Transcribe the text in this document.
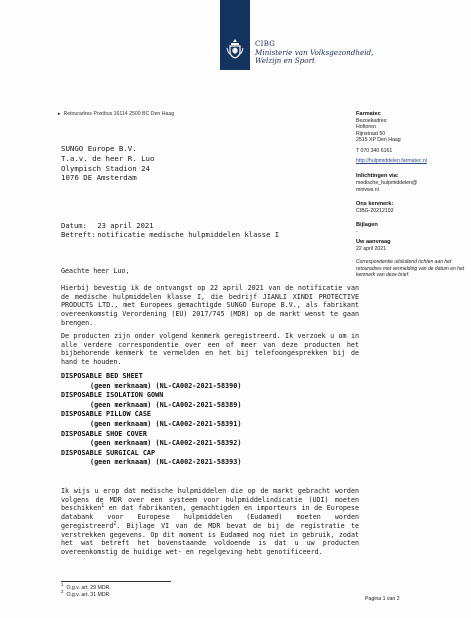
CIBG
Ministerie van Volksgezondheid,
Welzijn en Sport
► Retouradres Postbus 16114 2500 BC Den Haag
SUNGO Europe B.V.
T.a.v. de heer R. Luo
Olympisch Stadion 24
1076 DE Amsterdam
Datum: 23 april 2021
Betreft: notificatie medische hulpmiddelen klasse I
Farmatec
Bezoekadres:
Hoftoren
Rijnstraat 50
2515 XP Den Haag
T 070 340 6161
http://hulpmiddelen.farmatec.nl
Inlichtingen via:
medische_hulpmiddelen@
minvws.nl
Ons kenmerk:
CIBG-20212193
Bijlagen
-
Uw aanvraag
22 april 2021
Correspondentie uitsluitend richten aan het retouradres met vermelding van de datum en het kenmerk van deze brief.
Geachte heer Luo,
Hierbij bevestig ik de ontvangst op 22 april 2021 van de notificatie van de medische hulpmiddelen klasse I, die bedrijf JIANLI XINDI PROTECTIVE PRODUCTS LTD., met Europees gemachtigde SUNGO Europe B.V., als fabrikant overeenkomstig Verordening (EU) 2017/745 (MDR) op de markt wenst te gaan brengen.
De producten zijn onder volgend kenmerk geregistreerd. Ik verzoek u om in alle verdere correspondentie over een of meer van deze producten het bijbehorende kenmerk te vermelden en het bij telefoongesprekken bij de hand te houden.
DISPOSABLE BED SHEET
(geen merknaam) (NL-CA002-2021-58390)
DISPOSABLE ISOLATION GOWN
(geen merknaam) (NL-CA002-2021-58389)
DISPOSABLE PILLOW CASE
(geen merknaam) (NL-CA002-2021-58391)
DISPOSABLE SHOE COVER
(geen merknaam) (NL-CA002-2021-58392)
DISPOSABLE SURGICAL CAP
(geen merknaam) (NL-CA002-2021-58393)
Ik wijs u erop dat medische hulpmiddelen die op de markt gebracht worden volgens de MDR over een systeem voor hulpmiddelindicatie (UDI) moeten beschikken$^1$ en dat fabrikanten, gemachtigden en importeurs in de Europese databank voor Europese hulpmiddelen (Eudamed) moeten worden geregistreerd$^2$. Bijlage VI van de MDR bevat de bij de registratie te verstrekken gegevens. Op dit moment is Eudamed nog niet in gebruik, zodat het wat betreft het bovenstaande voldoende is dat u uw producten overeenkomstig de huidige wet- en regelgeving hebt genotificeerd.
$^1$O.g.v. art. 29 MDR.
$^2$O.g.v. art. 31 MDR.
Pagina 1 van 2
